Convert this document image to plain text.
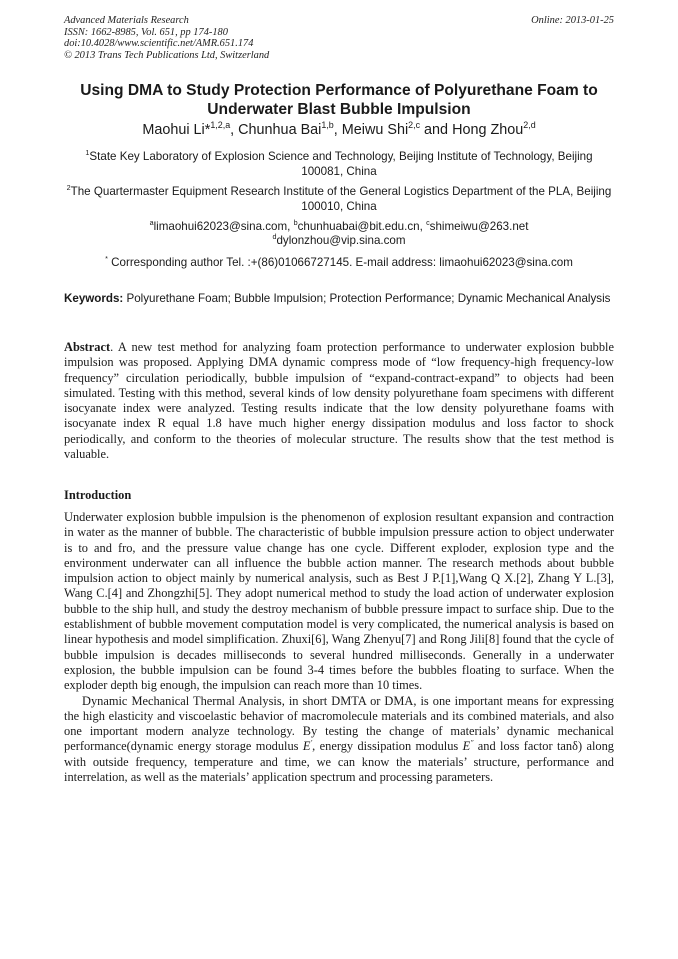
Advanced Materials Research
ISSN: 1662-8985, Vol. 651, pp 174-180
doi:10.4028/www.scientific.net/AMR.651.174
© 2013 Trans Tech Publications Ltd, Switzerland
Online: 2013-01-25
Using DMA to Study Protection Performance of Polyurethane Foam to Underwater Blast Bubble Impulsion
Maohui Li*$^{1,2,a}$, Chunhua Bai$^{1,b}$, Meiwu Shi$^{2,c}$ and Hong Zhou$^{2,d}$
$^1$State Key Laboratory of Explosion Science and Technology, Beijing Institute of Technology, Beijing 100081, China
$^2$The Quartermaster Equipment Research Institute of the General Logistics Department of the PLA, Beijing 100010, China
$^a$limaohui62023@sina.com, $^b$chunhuabai@bit.edu.cn, $^c$shimeiwu@263.net
$^d$dylonzhou@vip.sina.com
* Corresponding author Tel. :+(86)01066727145. E-mail address: limaohui62023@sina.com
Keywords: Polyurethane Foam; Bubble Impulsion; Protection Performance; Dynamic Mechanical Analysis
Abstract. A new test method for analyzing foam protection performance to underwater explosion bubble impulsion was proposed. Applying DMA dynamic compress mode of “low frequency-high frequency-low frequency” circulation periodically, bubble impulsion of “expand-contract-expand” to objects had been simulated. Testing with this method, several kinds of low density polyurethane foam specimens with different isocyanate index were analyzed. Testing results indicate that the low density polyurethane foams with isocyanate index R equal 1.8 have much higher energy dissipation modulus and loss factor to shock periodically, and conform to the theories of molecular structure. The results show that the test method is valuable.
Introduction

Underwater explosion bubble impulsion is the phenomenon of explosion resultant expansion and contraction in water as the manner of bubble. The characteristic of bubble impulsion pressure action to object underwater is to and fro, and the pressure value change has one cycle. Different exploder, explosion type and the environment underwater can all influence the bubble action manner. The research methods about bubble impulsion action to object mainly by numerical analysis, such as Best J P.[1],Wang Q X.[2], Zhang Y L.[3], Wang C.[4] and Zhongzhi[5]. They adopt numerical method to study the load action of underwater explosion bubble to the ship hull, and study the destroy mechanism of bubble pressure impact to surface ship. Due to the establishment of bubble movement computation model is very complicated, the numerical analysis is based on linear hypothesis and model simplification. Zhuxi[6], Wang Zhenyu[7] and Rong Jili[8] found that the cycle of bubble impulsion is decades milliseconds to several hundred milliseconds. Generally in a underwater explosion, the bubble impulsion can be found 3-4 times before the bubbles floating to surface. When the exploder depth big enough, the impulsion can reach more than 10 times.

Dynamic Mechanical Thermal Analysis, in short DMTA or DMA, is one important means for expressing the high elasticity and viscoelastic behavior of macromolecule materials and its combined materials, and also one important modern analyze technology. By testing the change of materials’ dynamic mechanical performance(dynamic energy storage modulus E′, energy dissipation modulus E″ and loss factor tanδ) along with outside frequency, temperature and time, we can know the materials’ structure, performance and interrelation, as well as the materials’ application spectrum and processing parameters.
